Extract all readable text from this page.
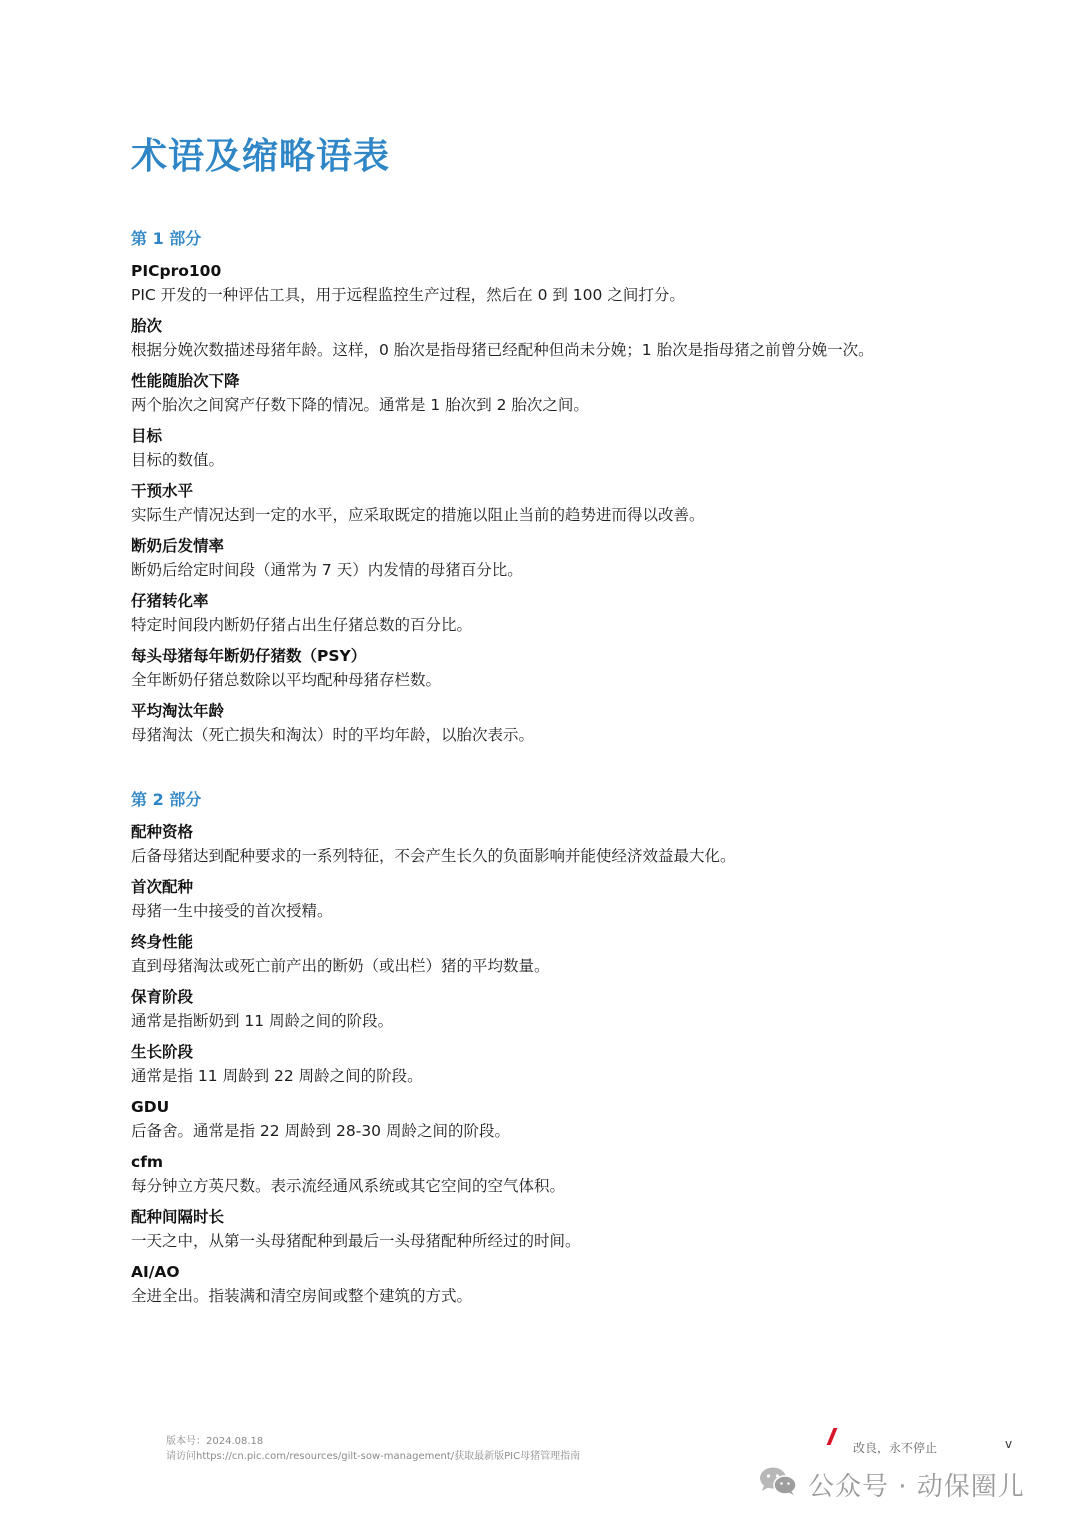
术语及缩略语表
第 1 部分
PICpro100
PIC 开发的一种评估工具，用于远程监控生产过程，然后在 0 到 100 之间打分。
胎次
根据分娩次数描述母猪年龄。这样，0 胎次是指母猪已经配种但尚未分娩；1 胎次是指母猪之前曾分娩一次。
性能随胎次下降
两个胎次之间窝产仔数下降的情况。通常是 1 胎次到 2 胎次之间。
目标
目标的数值。
干预水平
实际生产情况达到一定的水平，应采取既定的措施以阻止当前的趋势进而得以改善。
断奶后发情率
断奶后给定时间段（通常为 7 天）内发情的母猪百分比。
仔猪转化率
特定时间段内断奶仔猪占出生仔猪总数的百分比。
每头母猪每年断奶仔猪数（PSY）
全年断奶仔猪总数除以平均配种母猪存栏数。
平均淘汰年龄
母猪淘汰（死亡损失和淘汰）时的平均年龄，以胎次表示。
第 2 部分
配种资格
后备母猪达到配种要求的一系列特征，不会产生长久的负面影响并能使经济效益最大化。
首次配种
母猪一生中接受的首次授精。
终身性能
直到母猪淘汰或死亡前产出的断奶（或出栏）猪的平均数量。
保育阶段
通常是指断奶到 11 周龄之间的阶段。
生长阶段
通常是指 11 周龄到 22 周龄之间的阶段。
GDU
后备舍。通常是指 22 周龄到 28-30 周龄之间的阶段。
cfm
每分钟立方英尺数。表示流经通风系统或其它空间的空气体积。
配种间隔时长
一天之中，从第一头母猪配种到最后一头母猪配种所经过的时间。
AI/AO
全进全出。指装满和清空房间或整个建筑的方式。
版本号：2024.08.18
请访问https://cn.pic.com/resources/gilt-sow-management/获取最新版PIC母猪管理指南
改良，永不停止	v
公众号 · 动保圈儿
